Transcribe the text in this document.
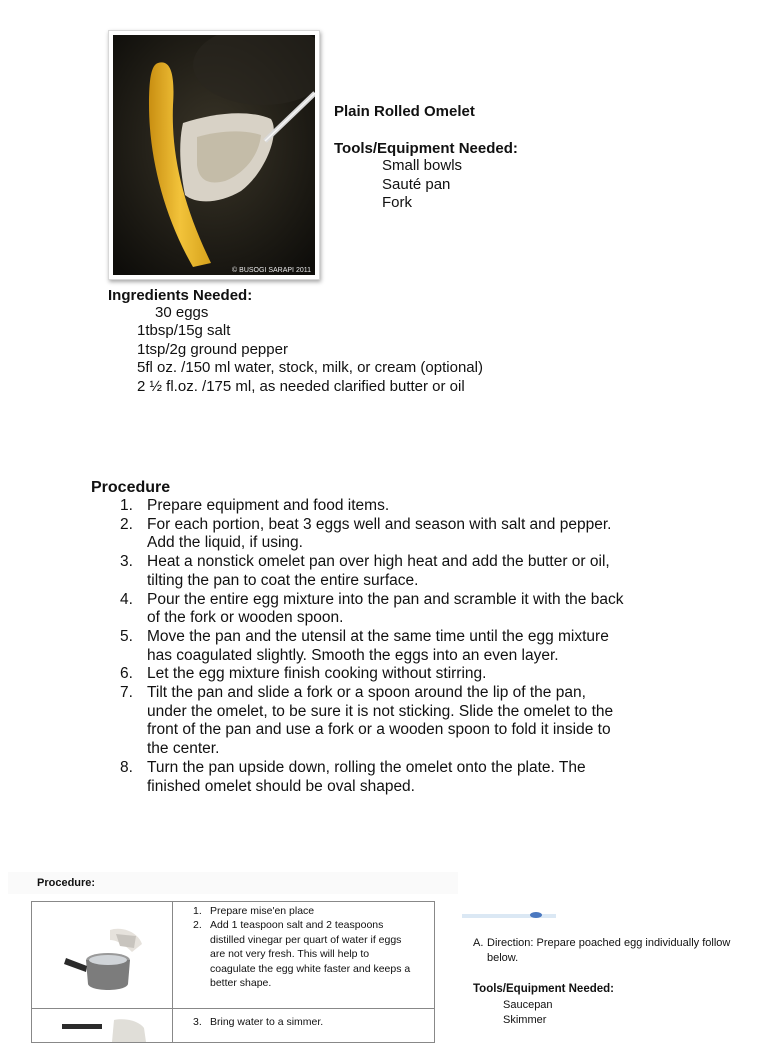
© BUSOGI SARAPI 2011
Plain Rolled Omelet
Tools/Equipment Needed:
Small bowls
Sauté pan
Fork
Ingredients Needed:
30 eggs
1tbsp/15g salt
1tsp/2g ground pepper
5fl oz. /150 ml water, stock, milk, or cream (optional)
2 ½ fl.oz. /175 ml, as needed clarified butter or oil
Procedure
1. Prepare equipment and food items.
2. For each portion, beat 3 eggs well and season with salt and pepper.
Add the liquid, if using.
3. Heat a nonstick omelet pan over high heat and add the butter or oil,
tilting the pan to coat the entire surface.
4. Pour the entire egg mixture into the pan and scramble it with the back
of the fork or wooden spoon.
5. Move the pan and the utensil at the same time until the egg mixture
has coagulated slightly. Smooth the eggs into an even layer.
6. Let the egg mixture finish cooking without stirring.
7. Tilt the pan and slide a fork or a spoon around the lip of the pan,
under the omelet, to be sure it is not sticking. Slide the omelet to the
front of the pan and use a fork or a wooden spoon to fold it inside to
the center.
8. Turn the pan upside down, rolling the omelet onto the plate. The
finished omelet should be oval shaped.
Procedure:
1. Prepare mise'en place
2. Add 1 teaspoon salt and 2 teaspoons
distilled vinegar per quart of water if eggs
are not very fresh. This will help to
coagulate the egg white faster and keeps a
better shape.
3. Bring water to a simmer.
A. Direction: Prepare poached egg individually follow
below.
Tools/Equipment Needed:
Saucepan
Skimmer
